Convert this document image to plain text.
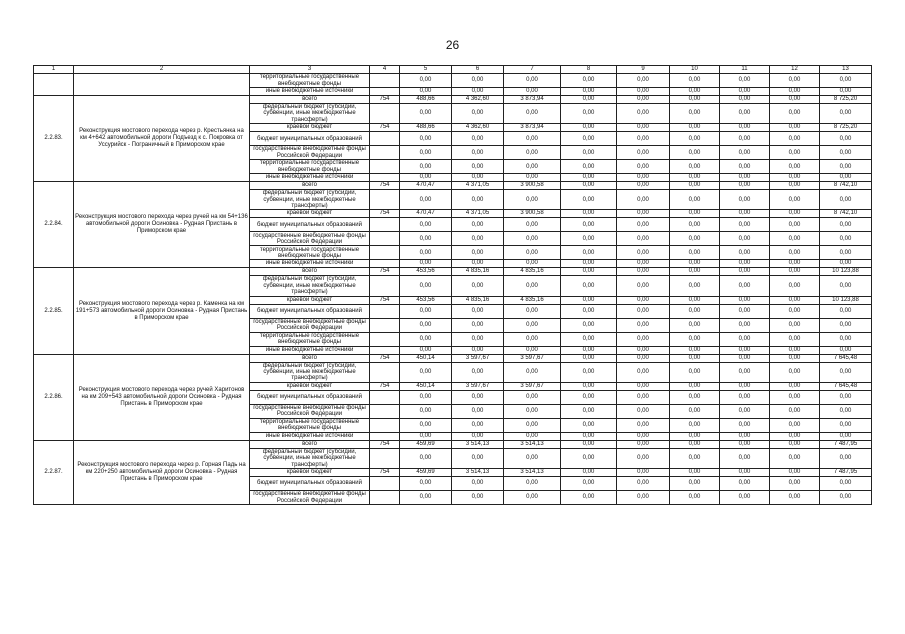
26
1	2	3	4	5	6	7	8	9	10	11	12	13
		территориальные государственные внебюджетные фонды		0,00	0,00	0,00	0,00	0,00	0,00	0,00	0,00	0,00
		иные внебюджетные источники		0,00	0,00	0,00	0,00	0,00	0,00	0,00	0,00	0,00
2.2.83.	Реконструкция мостового перехода через р. Крестьянка на км 4+642 автомобильной дороги Подъезд к с. Покровка от Уссурийск - Пограничный в Приморском крае	всего	754	488,66	4 362,60	3 873,94	0,00	0,00	0,00	0,00	0,00	8 725,20
		федеральный бюджет (субсидии, субвенции, иные межбюджетные трансферты)		0,00	0,00	0,00	0,00	0,00	0,00	0,00	0,00	0,00
		краевой бюджет	754	488,66	4 362,60	3 873,94	0,00	0,00	0,00	0,00	0,00	8 725,20
		бюджет муниципальных образований		0,00	0,00	0,00	0,00	0,00	0,00	0,00	0,00	0,00
		государственные внебюджетные фонды Российской Федерации		0,00	0,00	0,00	0,00	0,00	0,00	0,00	0,00	0,00
		территориальные государственные внебюджетные фонды		0,00	0,00	0,00	0,00	0,00	0,00	0,00	0,00	0,00
		иные внебюджетные источники		0,00	0,00	0,00	0,00	0,00	0,00	0,00	0,00	0,00
2.2.84.	Реконструкция мостового перехода через ручей на км 54+136 автомобильной дороги Осиновка - Рудная Пристань в Приморском крае	всего	754	470,47	4 371,05	3 900,58	0,00	0,00	0,00	0,00	0,00	8 742,10
		федеральный бюджет (субсидии, субвенции, иные межбюджетные трансферты)		0,00	0,00	0,00	0,00	0,00	0,00	0,00	0,00	0,00
		краевой бюджет	754	470,47	4 371,05	3 900,58	0,00	0,00	0,00	0,00	0,00	8 742,10
		бюджет муниципальных образований		0,00	0,00	0,00	0,00	0,00	0,00	0,00	0,00	0,00
		государственные внебюджетные фонды Российской Федерации		0,00	0,00	0,00	0,00	0,00	0,00	0,00	0,00	0,00
		территориальные государственные внебюджетные фонды		0,00	0,00	0,00	0,00	0,00	0,00	0,00	0,00	0,00
		иные внебюджетные источники		0,00	0,00	0,00	0,00	0,00	0,00	0,00	0,00	0,00
2.2.85.	Реконструкция мостового перехода через р. Каменка на км 191+573 автомобильной дороги Осиновка - Рудная Пристань в Приморском крае	всего	754	453,56	4 835,16	4 835,16	0,00	0,00	0,00	0,00	0,00	10 123,88
		федеральный бюджет (субсидии, субвенции, иные межбюджетные трансферты)		0,00	0,00	0,00	0,00	0,00	0,00	0,00	0,00	0,00
		краевой бюджет	754	453,56	4 835,16	4 835,16	0,00	0,00	0,00	0,00	0,00	10 123,88
		бюджет муниципальных образований		0,00	0,00	0,00	0,00	0,00	0,00	0,00	0,00	0,00
		государственные внебюджетные фонды Российской Федерации		0,00	0,00	0,00	0,00	0,00	0,00	0,00	0,00	0,00
		территориальные государственные внебюджетные фонды		0,00	0,00	0,00	0,00	0,00	0,00	0,00	0,00	0,00
		иные внебюджетные источники		0,00	0,00	0,00	0,00	0,00	0,00	0,00	0,00	0,00
2.2.86.	Реконструкция мостового перехода через ручей Харитонов на км 209+543 автомобильной дороги Осиновка - Рудная Пристань в Приморском крае	всего	754	450,14	3 597,67	3 597,67	0,00	0,00	0,00	0,00	0,00	7 645,48
		федеральный бюджет (субсидии, субвенции, иные межбюджетные трансферты)		0,00	0,00	0,00	0,00	0,00	0,00	0,00	0,00	0,00
		краевой бюджет	754	450,14	3 597,67	3 597,67	0,00	0,00	0,00	0,00	0,00	7 645,48
		бюджет муниципальных образований		0,00	0,00	0,00	0,00	0,00	0,00	0,00	0,00	0,00
		государственные внебюджетные фонды Российской Федерации		0,00	0,00	0,00	0,00	0,00	0,00	0,00	0,00	0,00
		территориальные государственные внебюджетные фонды		0,00	0,00	0,00	0,00	0,00	0,00	0,00	0,00	0,00
		иные внебюджетные источники		0,00	0,00	0,00	0,00	0,00	0,00	0,00	0,00	0,00
2.2.87.	Реконструкция мостового перехода через р. Горная Падь на км 220+250 автомобильной дороги Осиновка - Рудная Пристань в Приморском крае	всего	754	459,69	3 514,13	3 514,13	0,00	0,00	0,00	0,00	0,00	7 487,95
		федеральный бюджет (субсидии, субвенции, иные межбюджетные трансферты)		0,00	0,00	0,00	0,00	0,00	0,00	0,00	0,00	0,00
		краевой бюджет	754	459,69	3 514,13	3 514,13	0,00	0,00	0,00	0,00	0,00	7 487,95
		бюджет муниципальных образований		0,00	0,00	0,00	0,00	0,00	0,00	0,00	0,00	0,00
		государственные внебюджетные фонды Российской Федерации		0,00	0,00	0,00	0,00	0,00	0,00	0,00	0,00	0,00
